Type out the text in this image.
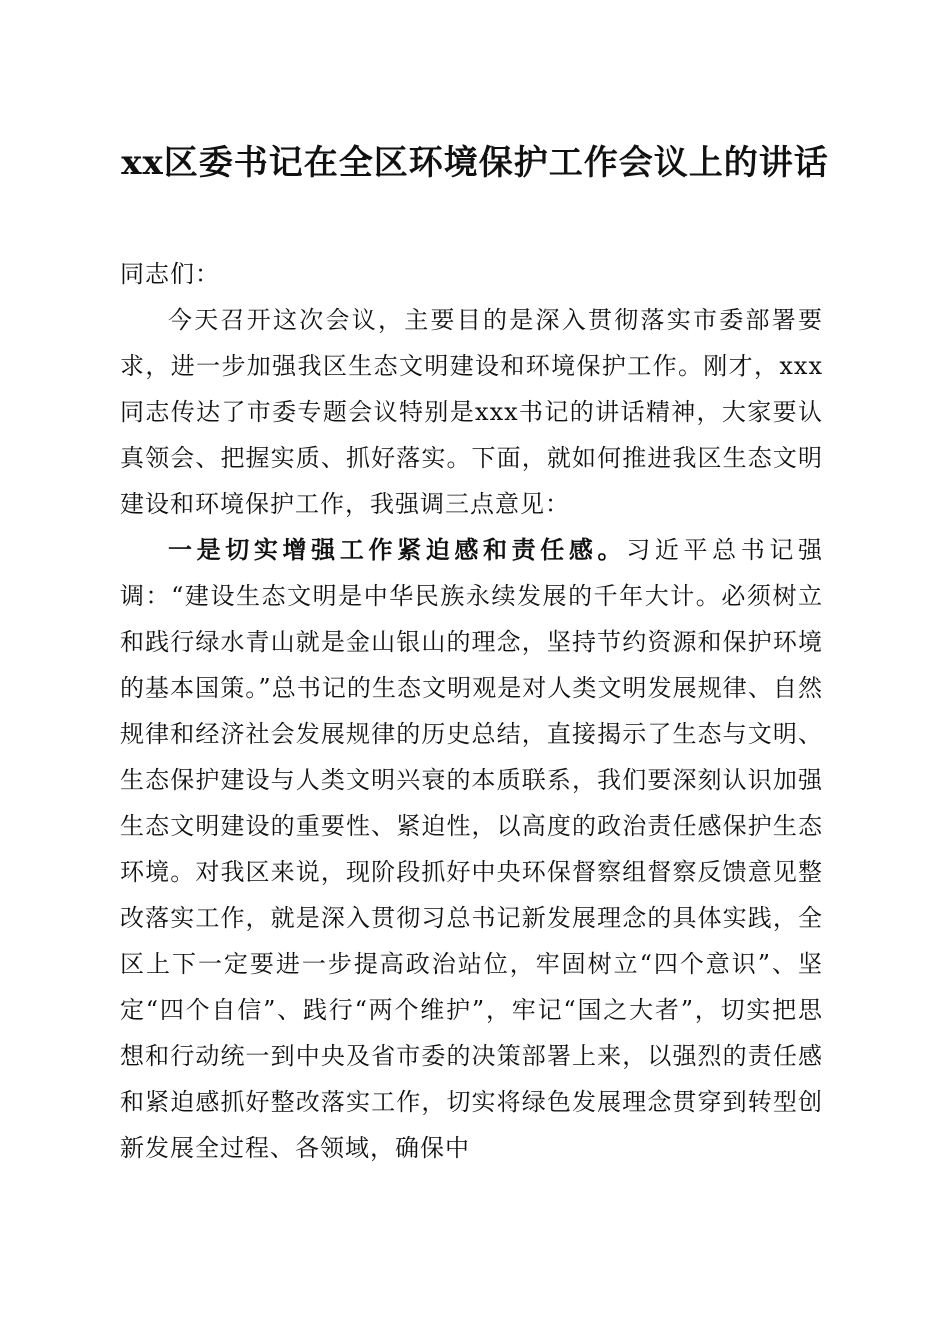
xx区委书记在全区环境保护工作会议上的讲话

同志们：

今天召开这次会议，主要目的是深入贯彻落实市委部署要求，进一步加强我区生态文明建设和环境保护工作。刚才，xxx同志传达了市委专题会议特别是xxx书记的讲话精神，大家要认真领会、把握实质、抓好落实。下面，就如何推进我区生态文明建设和环境保护工作，我强调三点意见：

一是切实增强工作紧迫感和责任感。习近平总书记强调：“建设生态文明是中华民族永续发展的千年大计。必须树立和践行绿水青山就是金山银山的理念，坚持节约资源和保护环境的基本国策。”总书记的生态文明观是对人类文明发展规律、自然规律和经济社会发展规律的历史总结，直接揭示了生态与文明、生态保护建设与人类文明兴衰的本质联系，我们要深刻认识加强生态文明建设的重要性、紧迫性，以高度的政治责任感保护生态环境。对我区来说，现阶段抓好中央环保督察组督察反馈意见整改落实工作，就是深入贯彻习总书记新发展理念的具体实践，全区上下一定要进一步提高政治站位，牢固树立“四个意识”、坚定“四个自信”、践行“两个维护”，牢记“国之大者”，切实把思想和行动统一到中央及省市委的决策部署上来，以强烈的责任感和紧迫感抓好整改落实工作，切实将绿色发展理念贯穿到转型创新发展全过程、各领域，确保中
